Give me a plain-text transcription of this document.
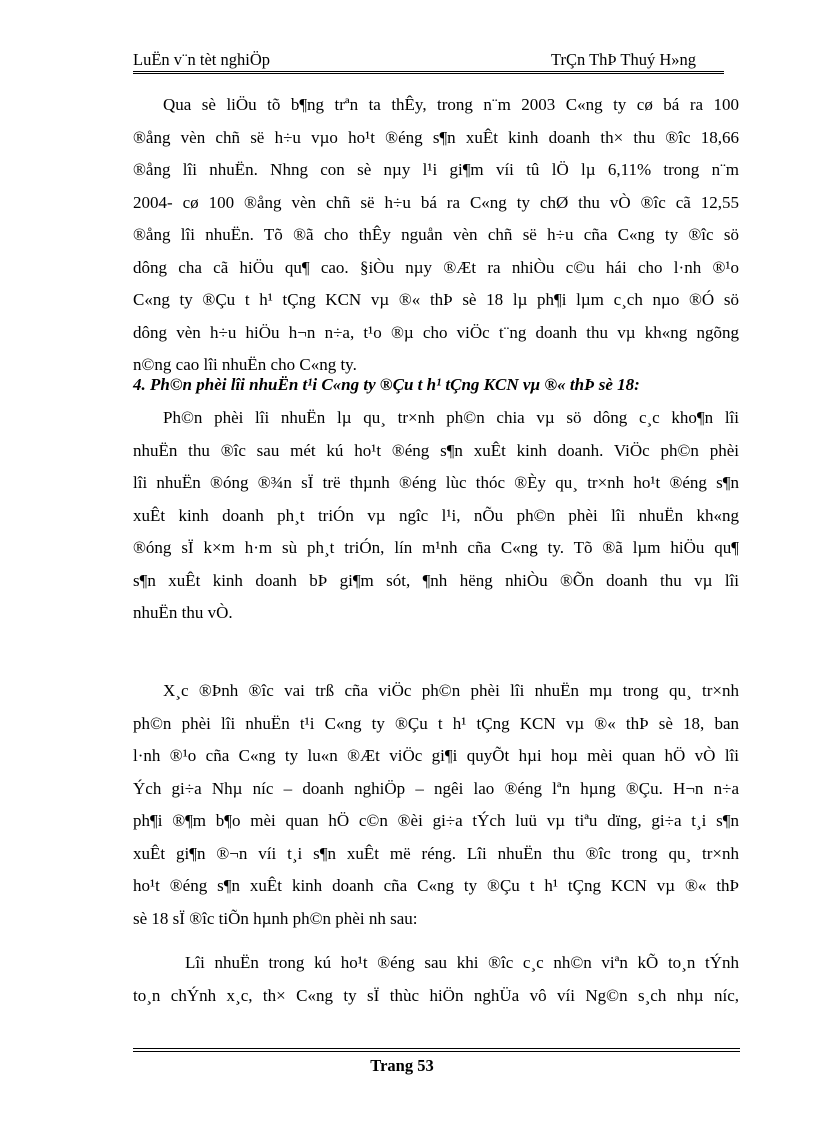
LuËn v¨n tèt nghiÖp	TrÇn ThÞ Thuý H»ng
Qua sè liÖu tõ b¶ng trªn ta thÊy, trong n¨m 2003 C«ng ty cø bá ra 100
®ång vèn chñ së h÷u vµo ho¹t ®éng s¶n xuÊt kinh doanh th× thu ®îc 18,66
®ång lîi nhuËn. Nhng con sè nµy l¹i gi¶m víi tû lÖ lµ 6,11% trong n¨m
2004- cø 100 ®ång vèn chñ së h÷u bá ra C«ng ty chØ thu vÒ ®îc cã 12,55
®ång lîi nhuËn. Tõ ®ã cho thÊy nguån vèn chñ së h÷u cña C«ng ty ®îc sö
dông cha cã hiÖu qu¶ cao. §iÒu nµy ®Æt ra nhiÒu c©u hái cho l·nh ®¹o
C«ng ty ®Çu t h¹ tÇng KCN vµ ®« thÞ sè 18 lµ ph¶i lµm c¸ch nµo ®Ó sö
dông vèn h÷u hiÖu h¬n n÷a, t¹o ®µ cho viÖc t¨ng doanh thu vµ kh«ng ngõng
n©ng cao lîi nhuËn cho C«ng ty.
4. Ph©n phèi lîi nhuËn t¹i C«ng ty ®Çu t h¹ tÇng KCN vµ ®« thÞ sè 18:
Ph©n phèi lîi nhuËn lµ qu¸ tr×nh ph©n chia vµ sö dông c¸c kho¶n lîi
nhuËn thu ®îc sau mét kú ho¹t ®éng s¶n xuÊt kinh doanh. ViÖc ph©n phèi
lîi nhuËn ®óng ®¾n sÏ trë thµnh ®éng lùc thóc ®Èy qu¸ tr×nh ho¹t ®éng s¶n
xuÊt kinh doanh ph¸t triÓn vµ ngîc l¹i, nÕu ph©n phèi lîi nhuËn kh«ng
®óng sÏ k×m h·m sù ph¸t triÓn, lín m¹nh cña C«ng ty. Tõ ®ã lµm hiÖu qu¶
s¶n xuÊt kinh doanh bÞ gi¶m sót, ¶nh hëng nhiÒu ®Õn doanh thu vµ lîi
nhuËn thu vÒ.
X¸c ®Þnh ®îc vai trß cña viÖc ph©n phèi lîi nhuËn mµ trong qu¸ tr×nh
ph©n phèi lîi nhuËn t¹i C«ng ty ®Çu t h¹ tÇng KCN vµ ®« thÞ sè 18, ban
l·nh ®¹o cña C«ng ty lu«n ®Æt viÖc gi¶i quyÕt hµi hoµ mèi quan hÖ vÒ lîi
Ých gi÷a Nhµ níc – doanh nghiÖp – ngêi lao ®éng lªn hµng ®Çu. H¬n n÷a
ph¶i ®¶m b¶o mèi quan hÖ c©n ®èi gi÷a tÝch luü vµ tiªu dïng, gi÷a t¸i s¶n
xuÊt gi¶n ®¬n víi t¸i s¶n xuÊt më réng. Lîi nhuËn thu ®îc trong qu¸ tr×nh
ho¹t ®éng s¶n xuÊt kinh doanh cña C«ng ty ®Çu t h¹ tÇng KCN vµ ®« thÞ
sè 18 sÏ ®îc tiÕn hµnh ph©n phèi nh sau:
Lîi nhuËn trong kú ho¹t ®éng sau khi ®îc c¸c nh©n viªn kÕ to¸n tÝnh
to¸n chÝnh x¸c, th× C«ng ty sÏ thùc hiÖn nghÜa vô víi Ng©n s¸ch nhµ níc,
Trang 53
